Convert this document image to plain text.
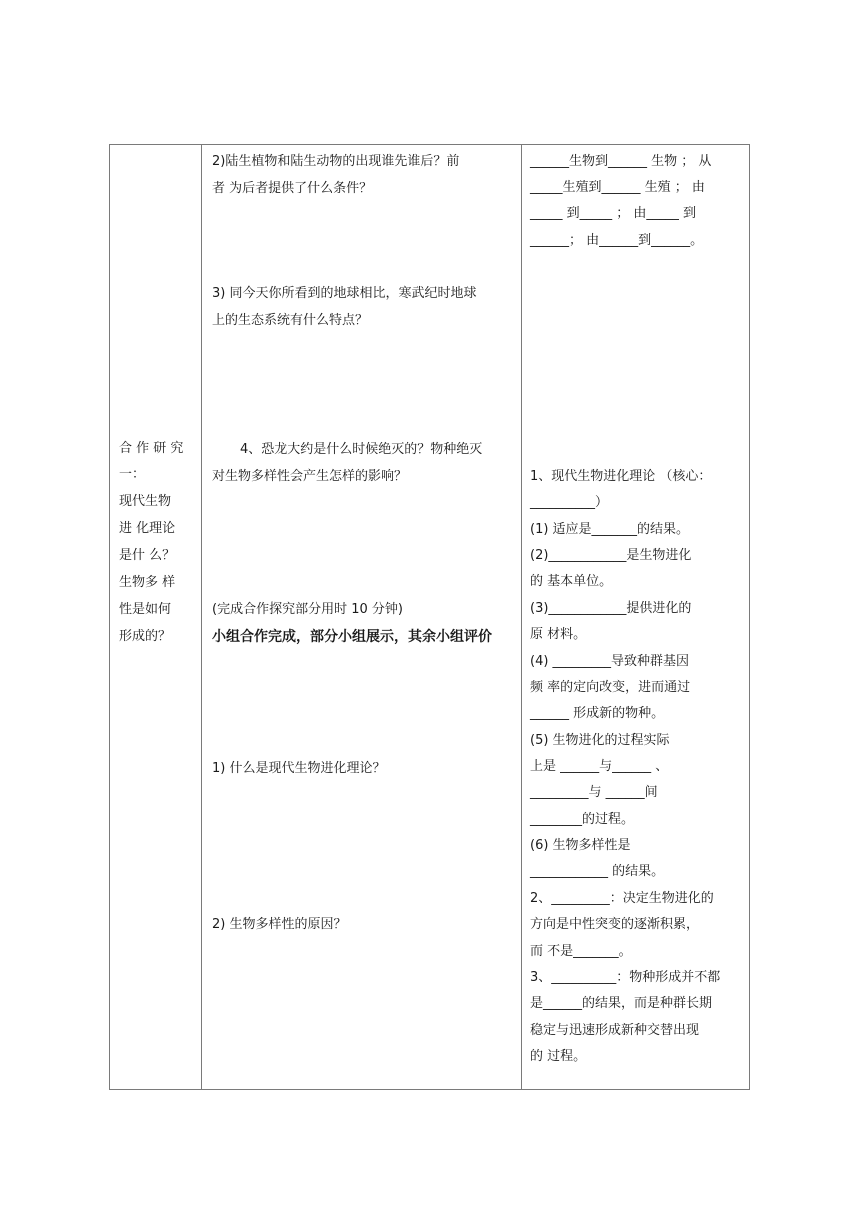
合 作 研 究
一：
现代生物
进 化理论
是什 么？
生物多 样
性是如何
形成的？
2)陆生植物和陆生动物的出现谁先谁后？前
者 为后者提供了什么条件？
3) 同今天你所看到的地球相比，寒武纪时地球
上的生态系统有什么特点？
4、恐龙大约是什么时候绝灭的？物种绝灭
对生物多样性会产生怎样的影响？
(完成合作探究部分用时 10 分钟)
小组合作完成，部分小组展示，其余小组评价
1) 什么是现代生物进化理论？
2) 生物多样性的原因？
______生物到______ 生物 ； 从
_____生殖到______ 生殖 ； 由
_____ 到_____ ； 由_____ 到
______； 由______到______。
1、现代生物进化理论 （核心：
__________）
(1) 适应是_______的结果。
(2)____________是生物进化
的 基本单位。
(3)____________提供进化的
原 材料。
(4) _________导致种群基因
频 率的定向改变，进而通过
______ 形成新的物种。
(5) 生物进化的过程实际
上是 ______与______ 、
_________与 ______间
________的过程。
(6) 生物多样性是
____________ 的结果。
2、_________：决定生物进化的
方向是中性突变的逐渐积累，
而 不是_______。
3、__________：物种形成并不都
是______的结果，而是种群长期
稳定与迅速形成新种交替出现
的 过程。
